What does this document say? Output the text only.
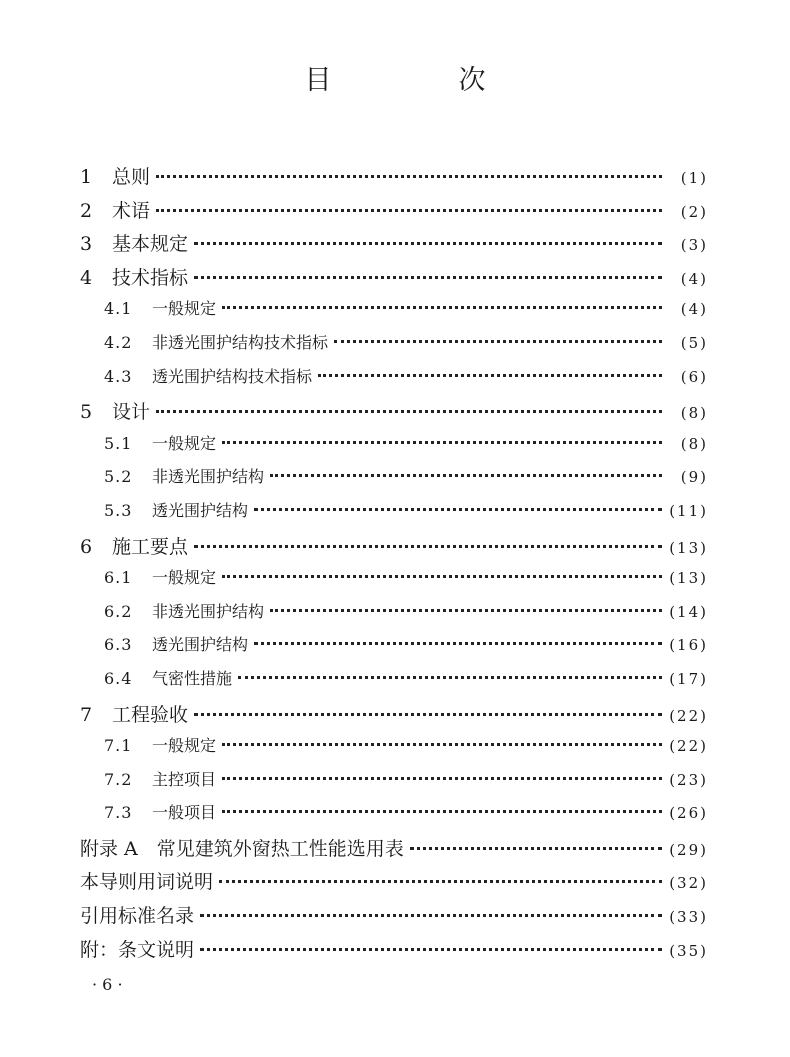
目　次
1	总则	(1)
2	术语	(2)
3	基本规定	(3)
4	技术指标	(4)
4.1	一般规定	(4)
4.2	非透光围护结构技术指标	(5)
4.3	透光围护结构技术指标	(6)
5	设计	(8)
5.1	一般规定	(8)
5.2	非透光围护结构	(9)
5.3	透光围护结构	(11)
6	施工要点	(13)
6.1	一般规定	(13)
6.2	非透光围护结构	(14)
6.3	透光围护结构	(16)
6.4	气密性措施	(17)
7	工程验收	(22)
7.1	一般规定	(22)
7.2	主控项目	(23)
7.3	一般项目	(26)
附录 A　常见建筑外窗热工性能选用表	(29)
本导则用词说明	(32)
引用标准名录	(33)
附：条文说明	(35)
· 6 ·
